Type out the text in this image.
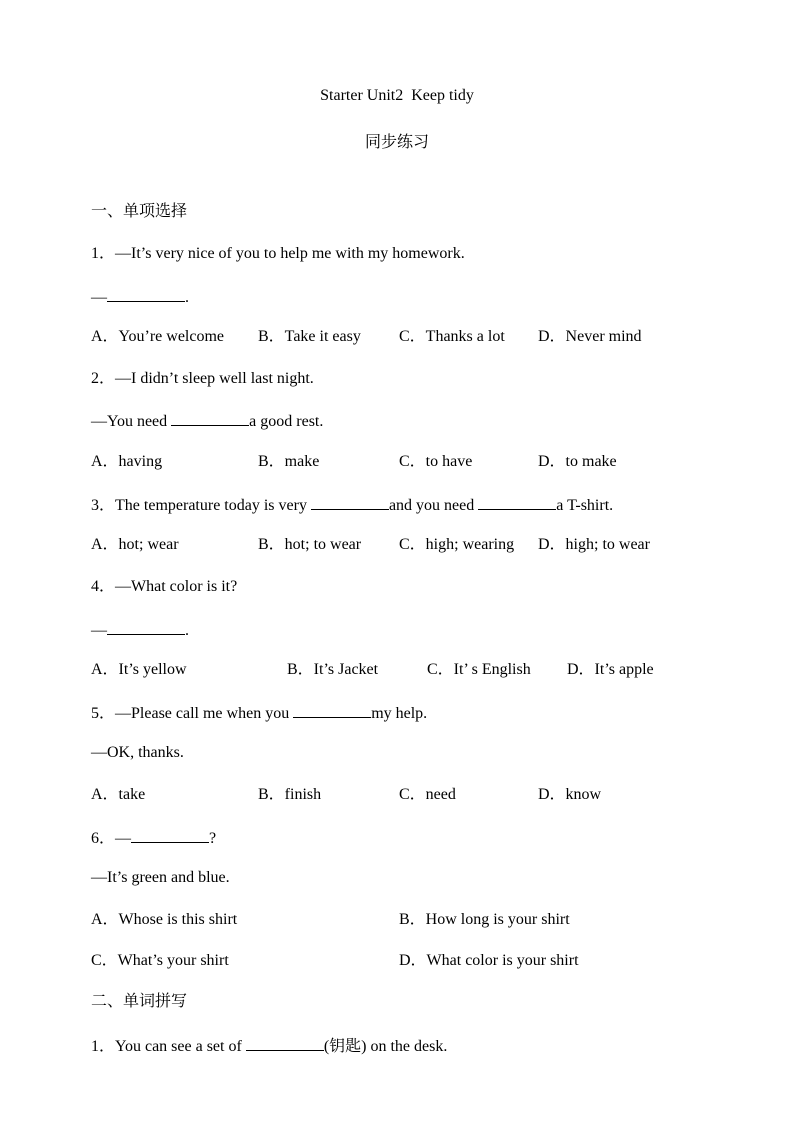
Starter Unit2  Keep tidy
同步练习
一、单项选择
1．—It’s very nice of you to help me with my homework.
—	.
A．You’re welcome B．Take it easy C．Thanks a lot D．Never mind
2．—I didn’t sleep well last night.
—You need	a good rest.
A．having	B．make	C．to have	D．to make
3．The temperature today is very	and you need	a T-shirt.
A．hot; wear	B．hot; to wear C．high; wearing D．high; to wear
4．—What color is it?
—	.
A．It’s yellow	B．It’s Jacket	C．It’ s English D．It’s apple
5．—Please call me when you	my help.
—OK, thanks.
A．take	B．finish	C．need	D．know
6．—	?
—It’s green and blue.
A．Whose is this shirt	B．How long is your shirt
C．What’s your shirt	D．What color is your shirt
二、单词拼写
1．You can see a set of	(钥匙) on the desk.
